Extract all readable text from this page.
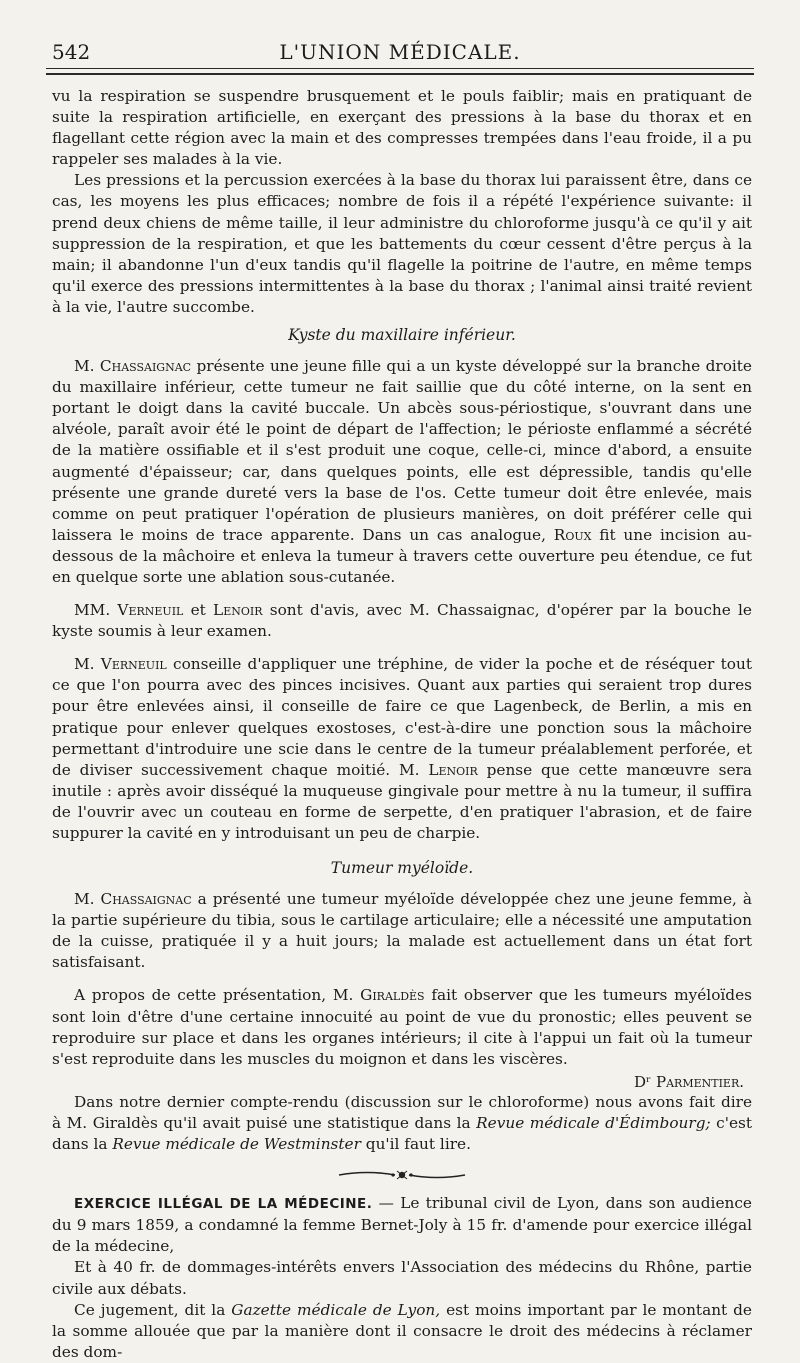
542	L'UNION MÉDICALE.

vu la respiration se suspendre brusquement et le pouls faiblir; mais en pratiquant de suite la respiration artificielle, en exerçant des pressions à la base du thorax et en flagellant cette région avec la main et des compresses trempées dans l'eau froide, il a pu rappeler ses malades à la vie.

Les pressions et la percussion exercées à la base du thorax lui paraissent être, dans ce cas, les moyens les plus efficaces; nombre de fois il a répété l'expérience suivante: il prend deux chiens de même taille, il leur administre du chloroforme jusqu'à ce qu'il y ait suppression de la respiration, et que les battements du cœur cessent d'être perçus à la main; il abandonne l'un d'eux tandis qu'il flagelle la poitrine de l'autre, en même temps qu'il exerce des pressions intermittentes à la base du thorax ; l'animal ainsi traité revient à la vie, l'autre succombe.

Kyste du maxillaire inférieur.

M. Chassaignac présente une jeune fille qui a un kyste développé sur la branche droite du maxillaire inférieur, cette tumeur ne fait saillie que du côté interne, on la sent en portant le doigt dans la cavité buccale. Un abcès sous-périostique, s'ouvrant dans une alvéole, paraît avoir été le point de départ de l'affection; le périoste enflammé a sécrété de la matière ossifiable et il s'est produit une coque, celle-ci, mince d'abord, a ensuite augmenté d'épaisseur; car, dans quelques points, elle est dépressible, tandis qu'elle présente une grande dureté vers la base de l'os. Cette tumeur doit être enlevée, mais comme on peut pratiquer l'opération de plusieurs manières, on doit préférer celle qui laissera le moins de trace apparente. Dans un cas analogue, Roux fit une incision au-dessous de la mâchoire et enleva la tumeur à travers cette ouverture peu étendue, ce fut en quelque sorte une ablation sous-cutanée.

MM. Verneuil et Lenoir sont d'avis, avec M. Chassaignac, d'opérer par la bouche le kyste soumis à leur examen.

M. Verneuil conseille d'appliquer une tréphine, de vider la poche et de réséquer tout ce que l'on pourra avec des pinces incisives. Quant aux parties qui seraient trop dures pour être enlevées ainsi, il conseille de faire ce que Lagenbeck, de Berlin, a mis en pratique pour enlever quelques exostoses, c'est-à-dire une ponction sous la mâchoire permettant d'introduire une scie dans le centre de la tumeur préalablement perforée, et de diviser successivement chaque moitié. M. Lenoir pense que cette manœuvre sera inutile : après avoir disséqué la muqueuse gingivale pour mettre à nu la tumeur, il suffira de l'ouvrir avec un couteau en forme de serpette, d'en pratiquer l'abrasion, et de faire suppurer la cavité en y introduisant un peu de charpie.

Tumeur myéloïde.

M. Chassaignac a présenté une tumeur myéloïde développée chez une jeune femme, à la partie supérieure du tibia, sous le cartilage articulaire; elle a nécessité une amputation de la cuisse, pratiquée il y a huit jours; la malade est actuellement dans un état fort satisfaisant.

A propos de cette présentation, M. Giraldès fait observer que les tumeurs myéloïdes sont loin d'être d'une certaine innocuité au point de vue du pronostic; elles peuvent se reproduire sur place et dans les organes intérieurs; il cite à l'appui un fait où la tumeur s'est reproduite dans les muscles du moignon et dans les viscères.

Dʳ Parmentier.

Dans notre dernier compte-rendu (discussion sur le chloroforme) nous avons fait dire à M. Giraldès qu'il avait puisé une statistique dans la Revue médicale d'Édimbourg; c'est dans la Revue médicale de Westminster qu'il faut lire.

EXERCICE ILLÉGAL DE LA MÉDECINE. — Le tribunal civil de Lyon, dans son audience du 9 mars 1859, a condamné la femme Bernet-Joly à 15 fr. d'amende pour exercice illégal de la médecine,

Et à 40 fr. de dommages-intérêts envers l'Association des médecins du Rhône, partie civile aux débats.

Ce jugement, dit la Gazette médicale de Lyon, est moins important par le montant de la somme allouée que par la manière dont il consacre le droit des médecins à réclamer des dom-
